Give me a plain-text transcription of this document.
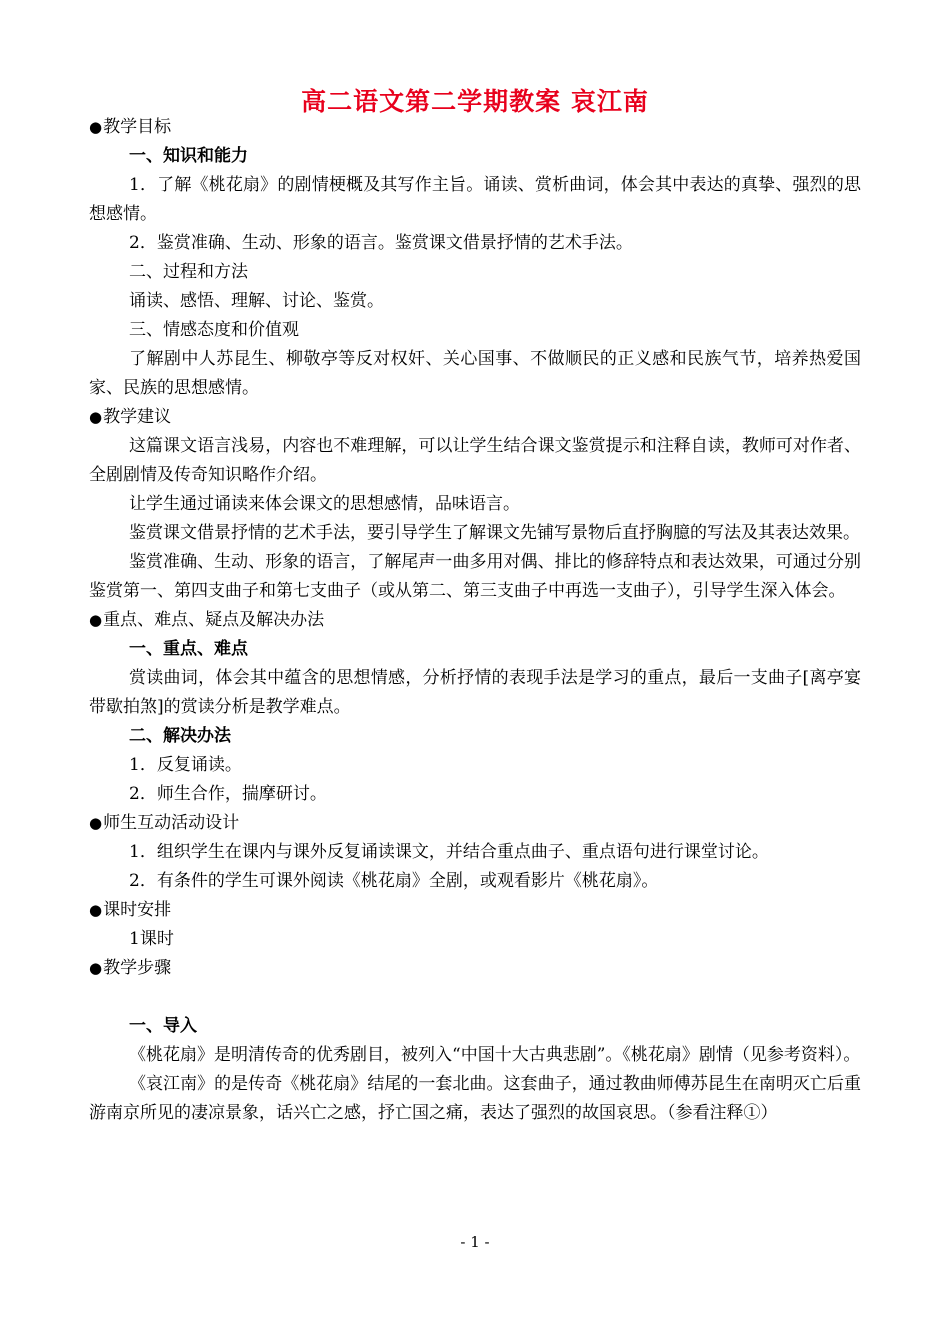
高二语文第二学期教案 哀江南
●教学目标
一、知识和能力
1．了解《桃花扇》的剧情梗概及其写作主旨。诵读、赏析曲词，体会其中表达的真挚、强烈的思想感情。
2．鉴赏准确、生动、形象的语言。鉴赏课文借景抒情的艺术手法。
二、过程和方法
诵读、感悟、理解、讨论、鉴赏。
三、情感态度和价值观
了解剧中人苏昆生、柳敬亭等反对权奸、关心国事、不做顺民的正义感和民族气节，培养热爱国家、民族的思想感情。
●教学建议
这篇课文语言浅易，内容也不难理解，可以让学生结合课文鉴赏提示和注释自读，教师可对作者、全剧剧情及传奇知识略作介绍。
让学生通过诵读来体会课文的思想感情，品味语言。
鉴赏课文借景抒情的艺术手法，要引导学生了解课文先铺写景物后直抒胸臆的写法及其表达效果。
鉴赏准确、生动、形象的语言，了解尾声一曲多用对偶、排比的修辞特点和表达效果，可通过分别鉴赏第一、第四支曲子和第七支曲子（或从第二、第三支曲子中再选一支曲子），引导学生深入体会。
●重点、难点、疑点及解决办法
一、重点、难点
赏读曲词，体会其中蕴含的思想情感，分析抒情的表现手法是学习的重点，最后一支曲子[离亭宴带歇拍煞]的赏读分析是教学难点。
二、解决办法
1．反复诵读。
2．师生合作，揣摩研讨。
●师生互动活动设计
1．组织学生在课内与课外反复诵读课文，并结合重点曲子、重点语句进行课堂讨论。
2．有条件的学生可课外阅读《桃花扇》全剧，或观看影片《桃花扇》。
●课时安排
1课时
●教学步骤
一、导入
《桃花扇》是明清传奇的优秀剧目，被列入“中国十大古典悲剧”。《桃花扇》剧情（见参考资料）。
《哀江南》的是传奇《桃花扇》结尾的一套北曲。这套曲子，通过教曲师傅苏昆生在南明灭亡后重游南京所见的凄凉景象，话兴亡之感，抒亡国之痛，表达了强烈的故国哀思。（参看注释①）
- 1 -
